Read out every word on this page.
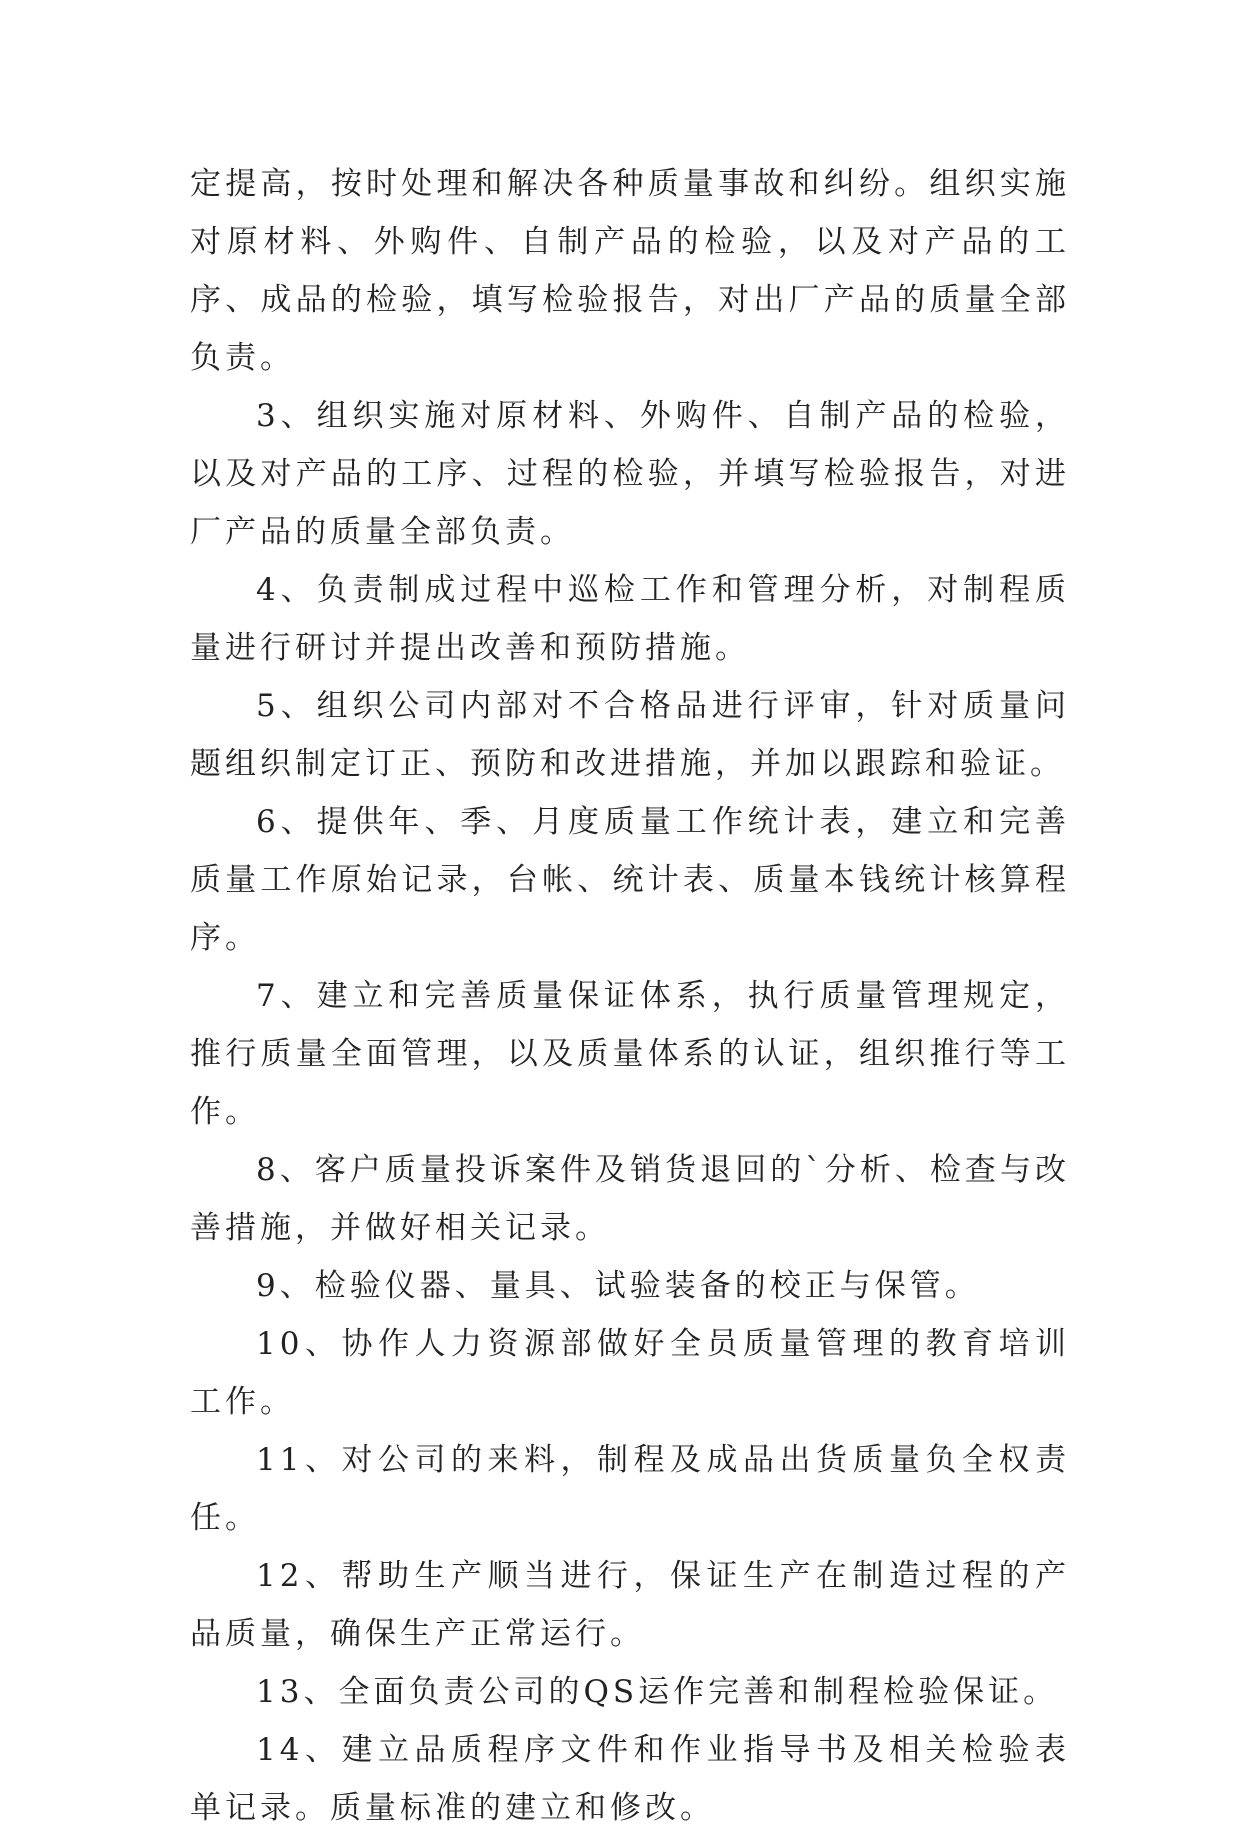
定提高，按时处理和解决各种质量事故和纠纷。组织实施对原材料、外购件、自制产品的检验，以及对产品的工序、成品的检验，填写检验报告，对出厂产品的质量全部负责。

3、组织实施对原材料、外购件、自制产品的检验，以及对产品的工序、过程的检验，并填写检验报告，对进厂产品的质量全部负责。

4、负责制成过程中巡检工作和管理分析，对制程质量进行研讨并提出改善和预防措施。

5、组织公司内部对不合格品进行评审，针对质量问题组织制定订正、预防和改进措施，并加以跟踪和验证。

6、提供年、季、月度质量工作统计表，建立和完善质量工作原始记录，台帐、统计表、质量本钱统计核算程序。

7、建立和完善质量保证体系，执行质量管理规定，推行质量全面管理，以及质量体系的认证，组织推行等工作。

8、客户质量投诉案件及销货退回的`分析、检查与改善措施，并做好相关记录。

9、检验仪器、量具、试验装备的校正与保管。

10、协作人力资源部做好全员质量管理的教育培训工作。

11、对公司的来料，制程及成品出货质量负全权责任。

12、帮助生产顺当进行，保证生产在制造过程的产品质量，确保生产正常运行。

13、全面负责公司的QS运作完善和制程检验保证。

14、建立品质程序文件和作业指导书及相关检验表单记录。质量标准的建立和修改。
